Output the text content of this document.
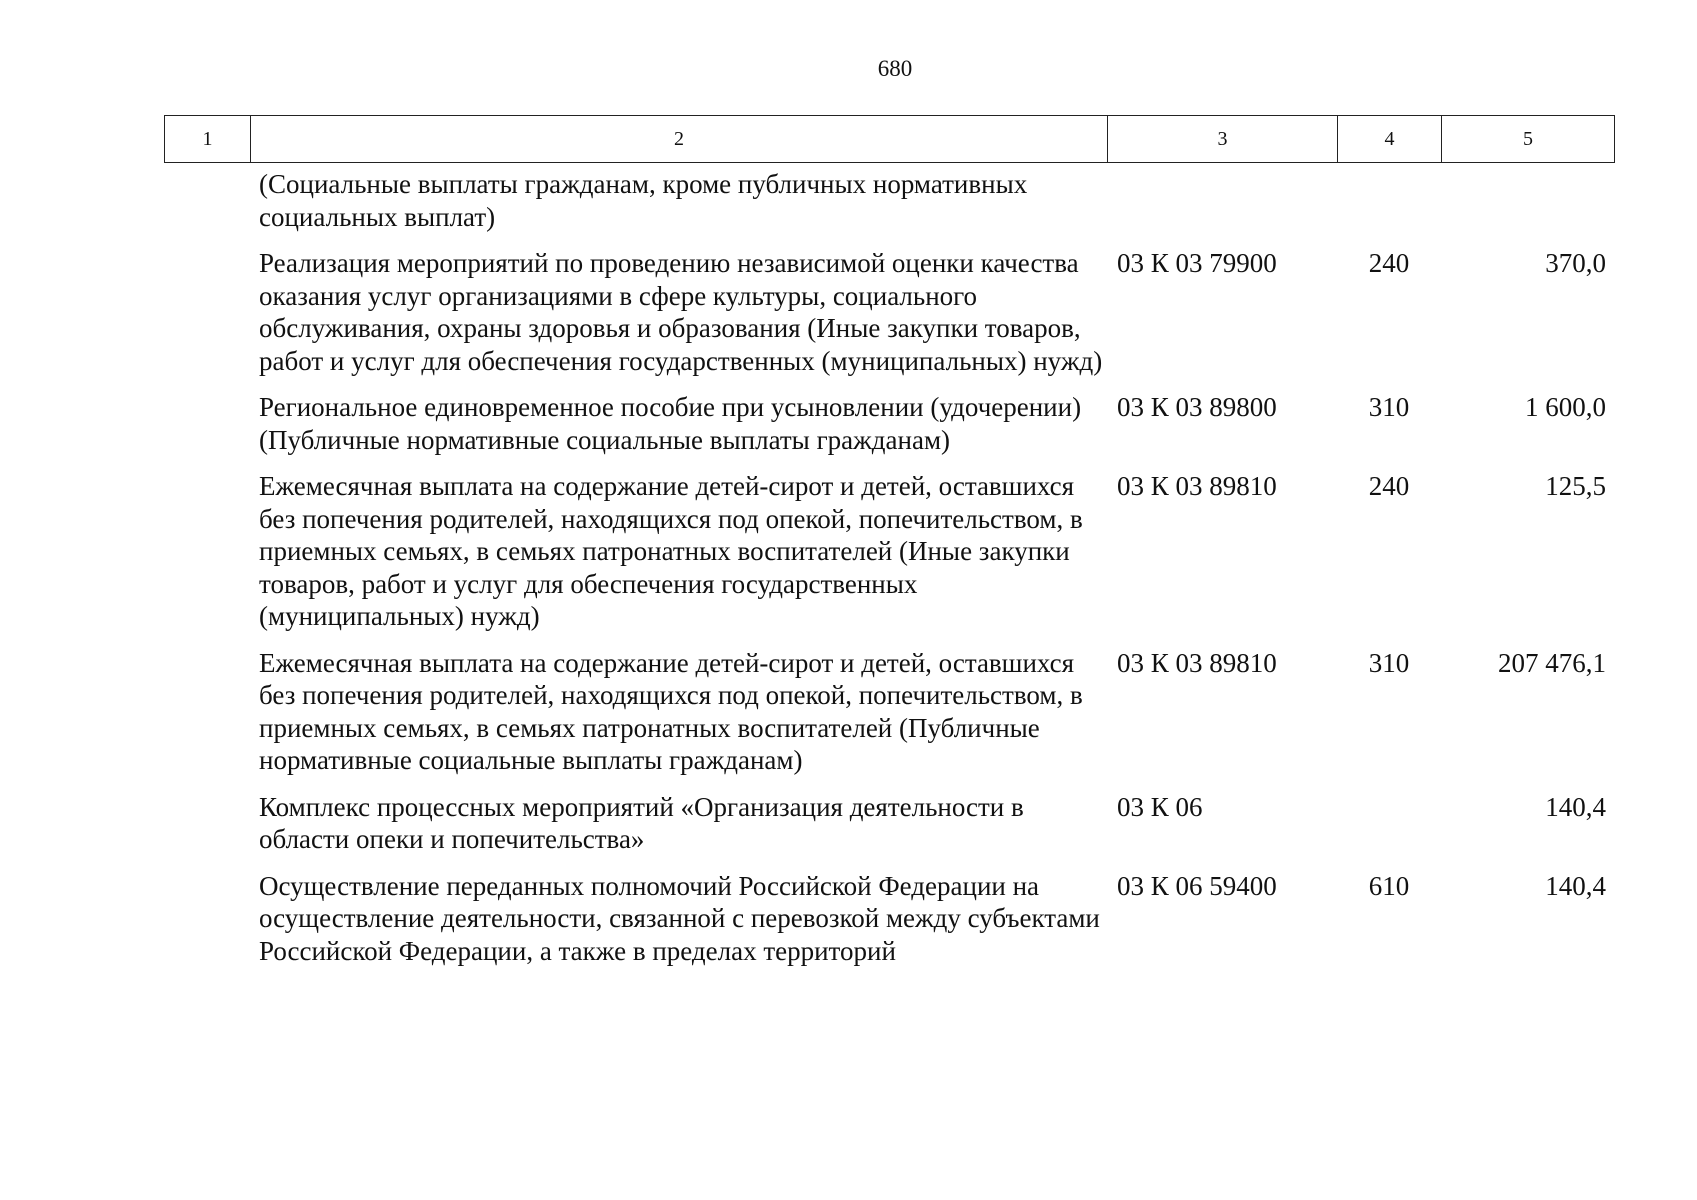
680
1	2	3	4	5
	(Социальные выплаты гражданам, кроме публичных нормативных социальных выплат)			
	Реализация мероприятий по проведению независимой оценки качества оказания услуг организациями в сфере культуры, социального обслуживания, охраны здоровья и образования (Иные закупки товаров, работ и услуг для обеспечения государственных (муниципальных) нужд)	03 К 03 79900	240	370,0
	Региональное единовременное пособие при усыновлении (удочерении) (Публичные нормативные социальные выплаты гражданам)	03 К 03 89800	310	1 600,0
	Ежемесячная выплата на содержание детей-сирот и детей, оставшихся без попечения родителей, находящихся под опекой, попечительством, в приемных семьях, в семьях патронатных воспитателей (Иные закупки товаров, работ и услуг для обеспечения государственных (муниципальных) нужд)	03 К 03 89810	240	125,5
	Ежемесячная выплата на содержание детей-сирот и детей, оставшихся без попечения родителей, находящихся под опекой, попечительством, в приемных семьях, в семьях патронатных воспитателей (Публичные нормативные социальные выплаты гражданам)	03 К 03 89810	310	207 476,1
	Комплекс процессных мероприятий «Организация деятельности в области опеки и попечительства»	03 К 06		140,4
	Осуществление переданных полномочий Российской Федерации на осуществление деятельности, связанной с перевозкой между субъектами Российской Федерации, а также в пределах территорий	03 К 06 59400	610	140,4
